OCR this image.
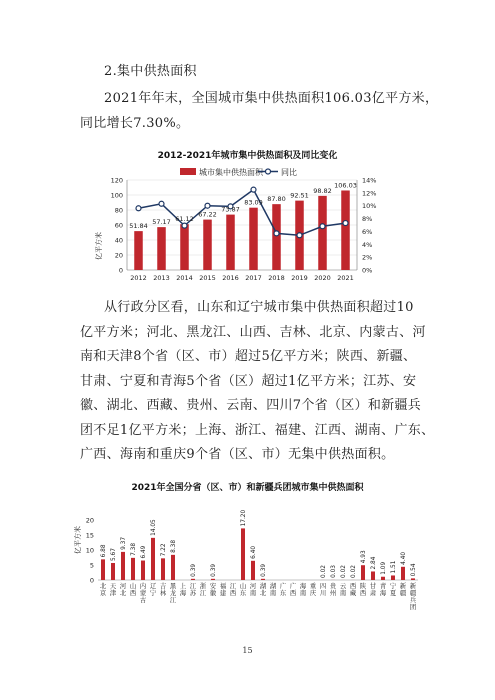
2.集中供热面积
2021年年末，全国城市集中供热面积106.03亿平方米，
同比增长7.30%。
2012-2021年城市集中供热面积及同比变化
城市集中供热面积 同比
亿平方米
0
20
40
60
80
100
120
0%
2%
4%
6%
8%
10%
12%
14%
2012 2013 2014 2015 2016 2017 2018 2019 2020 2021
51.84 57.17 61.12
67.22
73.87
83.09 87.80 92.51
98.82
106.03
从行政分区看，山东和辽宁城市集中供热面积超过10
亿平方米；河北、黑龙江、山西、吉林、北京、内蒙古、河
南和天津8个省（区、市）超过5亿平方米；陕西、新疆、
甘肃、宁夏和青海5个省（区）超过1亿平方米；江苏、安
徽、湖北、西藏、贵州、云南、四川7个省（区）和新疆兵
团不足1亿平方米；上海、浙江、福建、江西、湖南、广东、
广西、海南和重庆9个省（区、市）无集中供热面积。
2021年全国分省（区、市）和新疆兵团城市集中供热面积
亿平方米
0
5
10
15
20
6.88 5.67
9.37 7.38 6.49
14.05
7.22 8.38
0.39 0.39
17.20
6.40
0.39	0.02 0.03 0.02 0.02
4.93 2.84 1.09 1.51
4.40
0.54
北京
天津
河北
山西
内蒙古
辽宁
吉林
黑龙江
上海
江苏
浙江
安徽
福建
江西
山东
河南
湖北
湖南
广东
广西
海南
重庆
四川
贵州
云南
西藏
陕西
甘肃
青海
宁夏
新疆
新疆兵团
15
